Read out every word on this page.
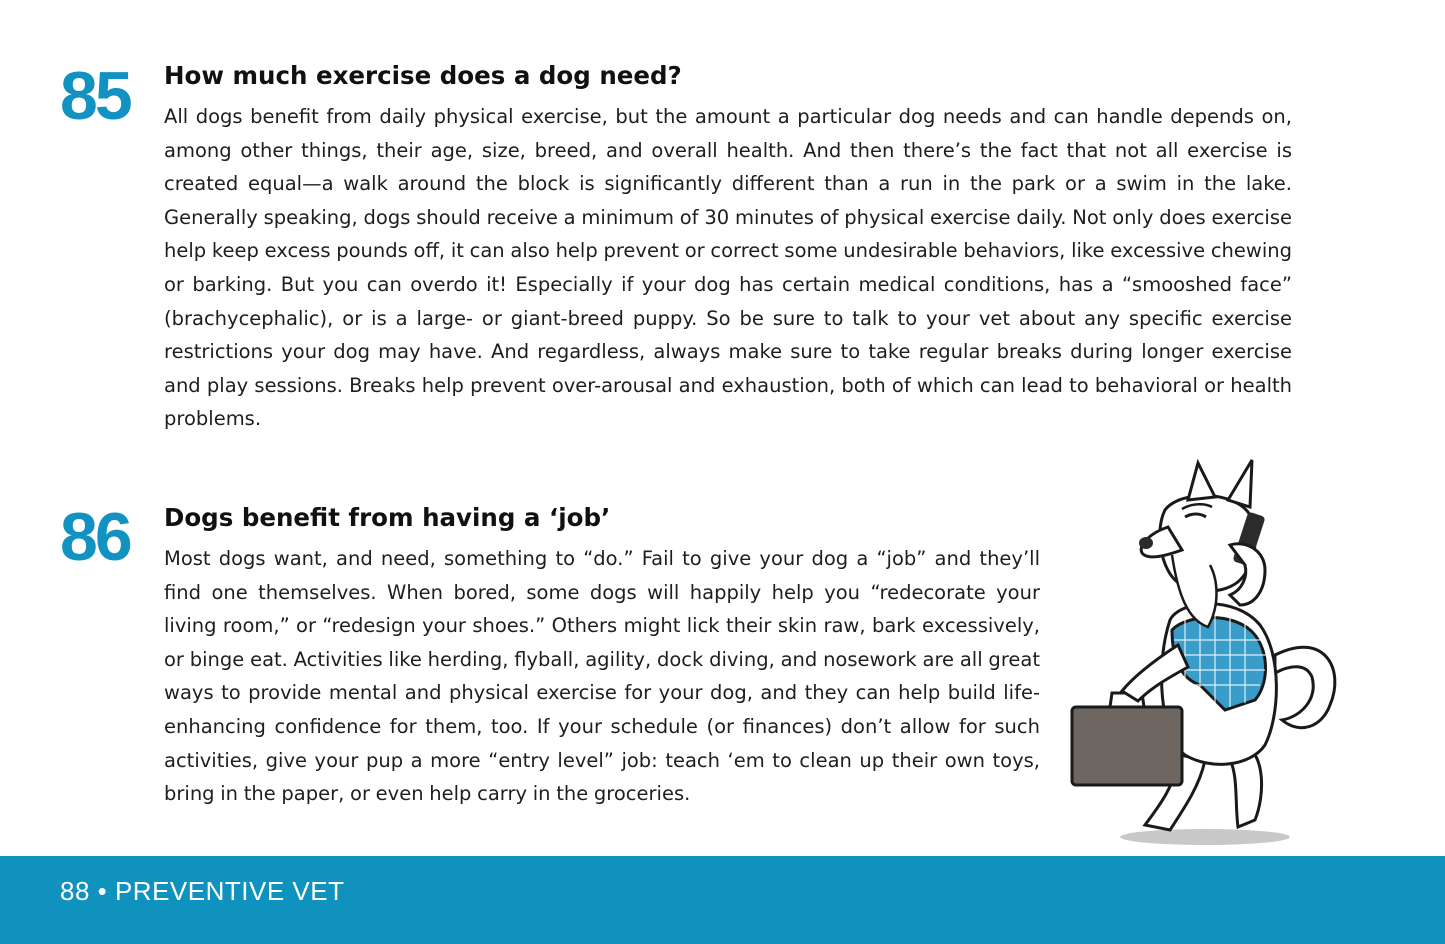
85 How much exercise does a dog need?

All dogs benefit from daily physical exercise, but the amount a particular dog needs and can handle depends on, among other things, their age, size, breed, and overall health. And then there’s the fact that not all exercise is created equal—a walk around the block is significantly different than a run in the park or a swim in the lake. Generally speaking, dogs should receive a minimum of 30 minutes of physical exercise daily. Not only does exercise help keep excess pounds off, it can also help prevent or correct some undesirable behaviors, like excessive chewing or barking. But you can overdo it! Especially if your dog has certain medical conditions, has a “smooshed face” (brachycephalic), or is a large- or giant-breed puppy. So be sure to talk to your vet about any specific exercise restrictions your dog may have. And regardless, always make sure to take regular breaks during longer exercise and play sessions. Breaks help prevent over-arousal and exhaustion, both of which can lead to behavioral or health problems.

86 Dogs benefit from having a ‘job’

Most dogs want, and need, something to “do.” Fail to give your dog a “job” and they’ll find one themselves. When bored, some dogs will happily help you “redecorate your living room,” or “redesign your shoes.” Others might lick their skin raw, bark excessively, or binge eat. Activities like herding, flyball, agility, dock diving, and nosework are all great ways to provide mental and physical exercise for your dog, and they can help build life-enhancing confidence for them, too. If your schedule (or finances) don’t allow for such activities, give your pup a more “entry level” job: teach ‘em to clean up their own toys, bring in the paper, or even help carry in the groceries.

88 • PREVENTIVE VET
